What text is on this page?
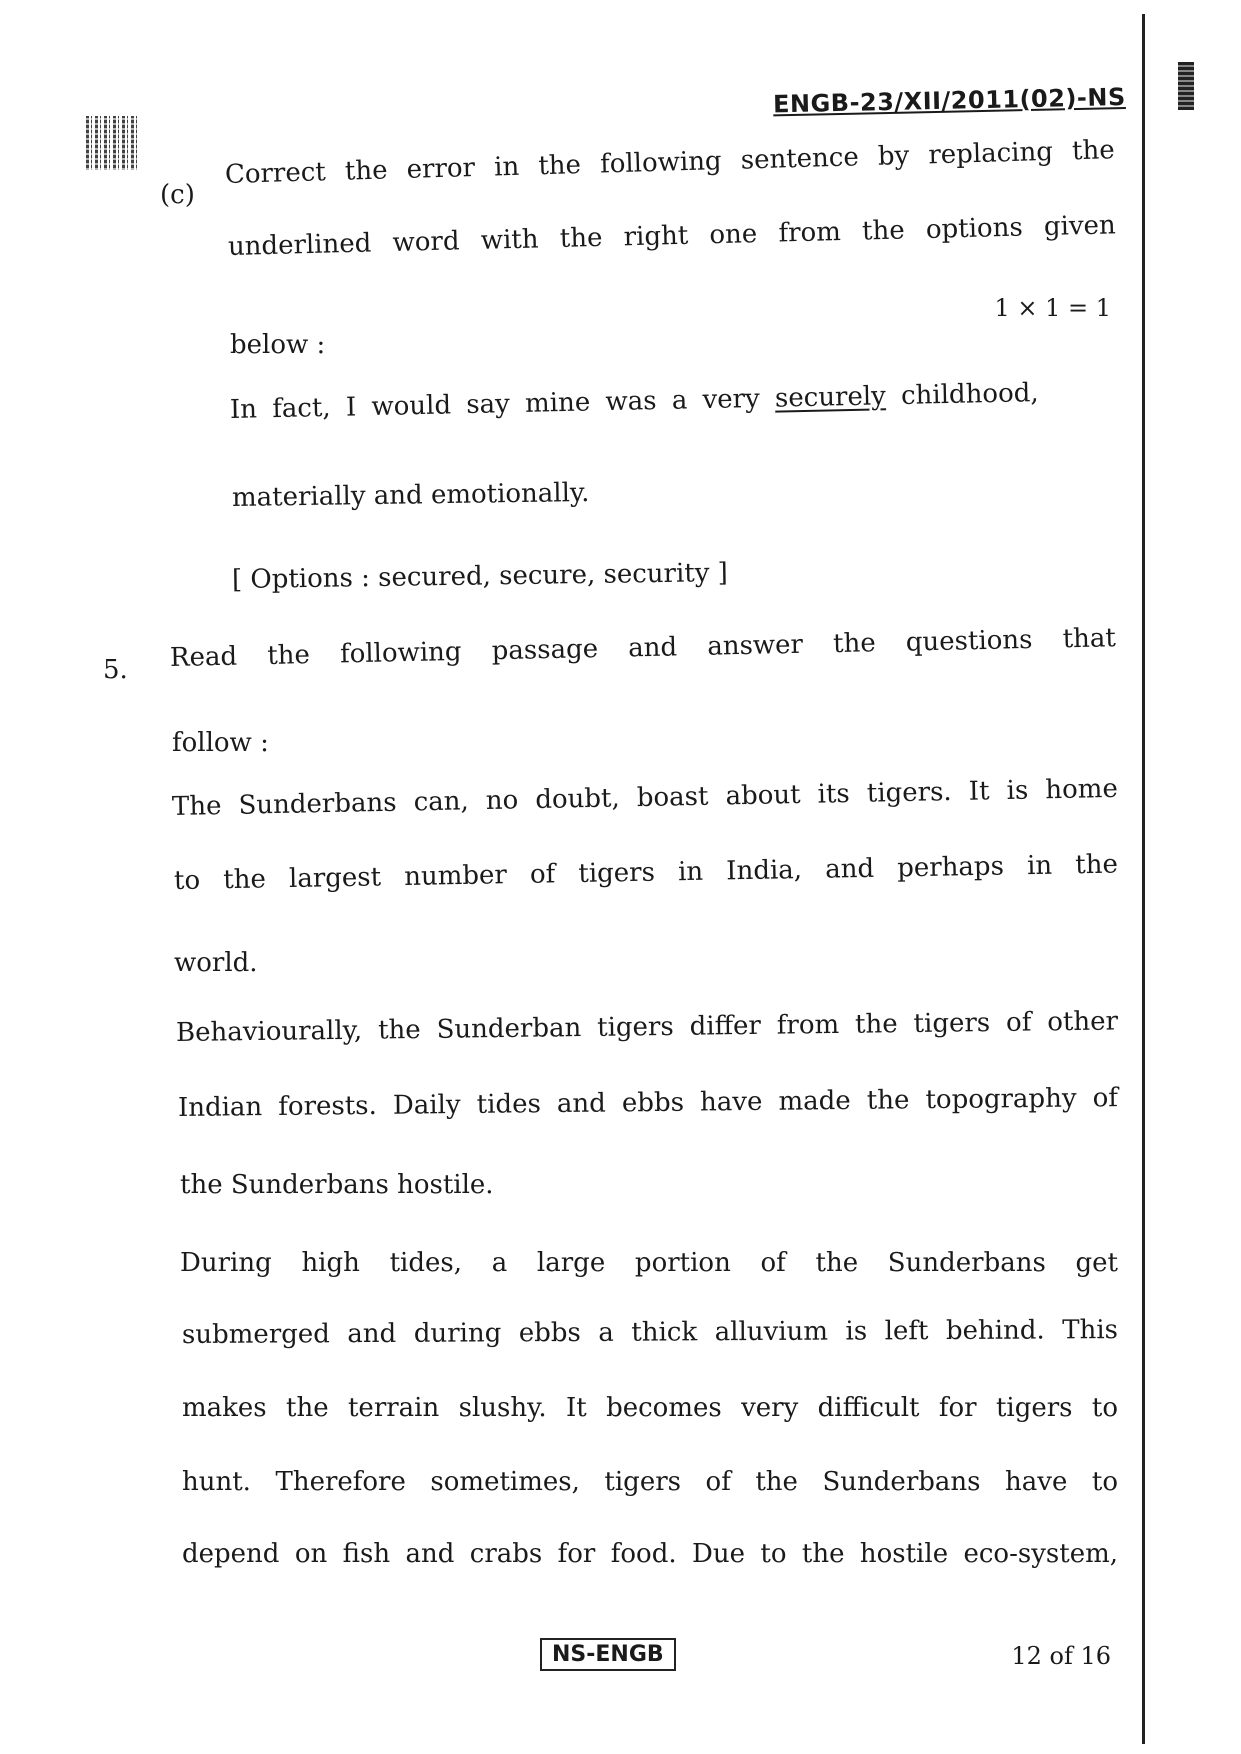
ENGB-23/XII/2011(02)-NS
(c)
Correct the error in the following sentence by replacing the
underlined word with the right one from the options given
1 × 1 = 1
below :
In fact, I would say mine was a very securely childhood,
materially and emotionally.
[ Options : secured, secure, security ]
5. Read the following passage and answer the questions that
follow :
The Sunderbans can, no doubt, boast about its tigers. It is home
to the largest number of tigers in India, and perhaps in the
world.
Behaviourally, the Sunderban tigers differ from the tigers of other
Indian forests. Daily tides and ebbs have made the topography of
the Sunderbans hostile.
During high tides, a large portion of the Sunderbans get
submerged and during ebbs a thick alluvium is left behind. This
makes the terrain slushy. It becomes very difficult for tigers to
hunt. Therefore sometimes, tigers of the Sunderbans have to
depend on fish and crabs for food. Due to the hostile eco-system,
NS-ENGB	12 of 16
